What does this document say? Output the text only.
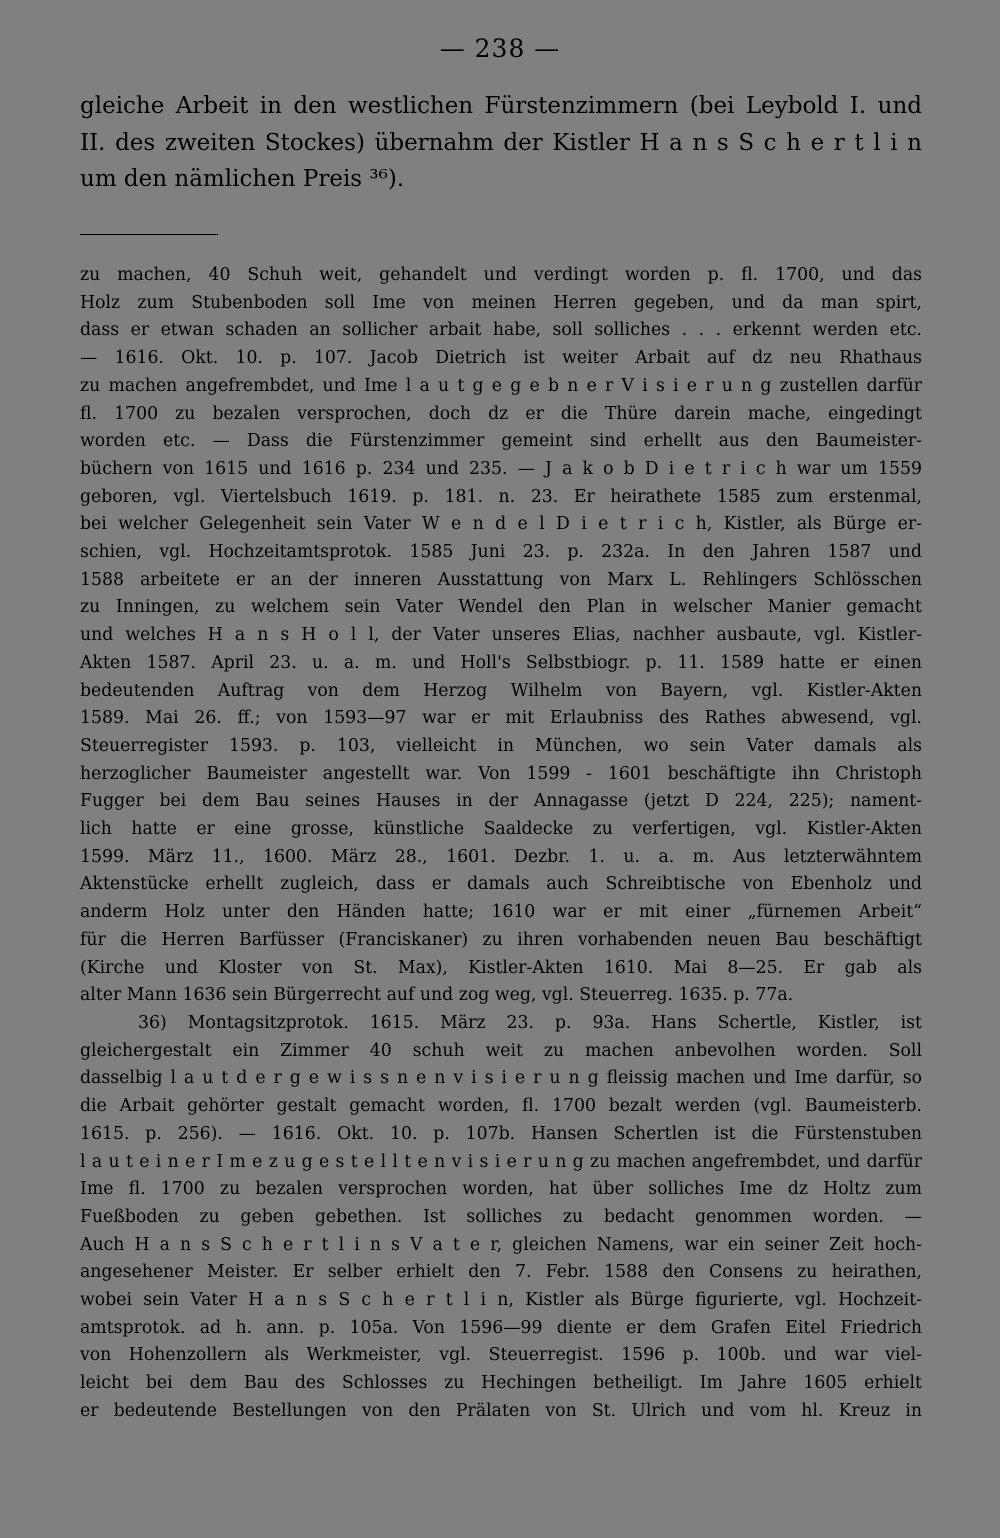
— 238 —
gleiche Arbeit in den westlichen Fürstenzimmern (bei Leybold I. und
II. des zweiten Stockes) übernahm der Kistler H a n s S c h e r t l i n
um den nämlichen Preis ³⁶).
zu machen, 40 Schuh weit, gehandelt und verdingt worden p. fl. 1700, und das
Holz zum Stubenboden soll Ime von meinen Herren gegeben, und da man spirt,
dass er etwan schaden an sollicher arbait habe, soll solliches . . . erkennt werden etc.
— 1616. Okt. 10. p. 107. Jacob Dietrich ist weiter Arbait auf dz neu Rhathaus
zu machen angefrembdet, und Ime l a u t g e g e b n e r V i s i e r u n g zustellen darfür
fl. 1700 zu bezalen versprochen, doch dz er die Thüre darein mache, eingedingt
worden etc. — Dass die Fürstenzimmer gemeint sind erhellt aus den Baumeister-
büchern von 1615 und 1616 p. 234 und 235. — J a k o b D i e t r i c h war um 1559
geboren, vgl. Viertelsbuch 1619. p. 181. n. 23. Er heirathete 1585 zum erstenmal,
bei welcher Gelegenheit sein Vater W e n d e l D i e t r i c h, Kistler, als Bürge er-
schien, vgl. Hochzeitamtsprotok. 1585 Juni 23. p. 232a. In den Jahren 1587 und
1588 arbeitete er an der inneren Ausstattung von Marx L. Rehlingers Schlösschen
zu Inningen, zu welchem sein Vater Wendel den Plan in welscher Manier gemacht
und welches H a n s H o l l, der Vater unseres Elias, nachher ausbaute, vgl. Kistler-
Akten 1587. April 23. u. a. m. und Holl's Selbstbiogr. p. 11. 1589 hatte er einen
bedeutenden Auftrag von dem Herzog Wilhelm von Bayern, vgl. Kistler-Akten
1589. Mai 26. ff.; von 1593—97 war er mit Erlaubniss des Rathes abwesend, vgl.
Steuerregister 1593. p. 103, vielleicht in München, wo sein Vater damals als
herzoglicher Baumeister angestellt war. Von 1599 - 1601 beschäftigte ihn Christoph
Fugger bei dem Bau seines Hauses in der Annagasse (jetzt D 224, 225); nament-
lich hatte er eine grosse, künstliche Saaldecke zu verfertigen, vgl. Kistler-Akten
1599. März 11., 1600. März 28., 1601. Dezbr. 1. u. a. m. Aus letzterwähntem
Aktenstücke erhellt zugleich, dass er damals auch Schreibtische von Ebenholz und
anderm Holz unter den Händen hatte; 1610 war er mit einer „fürnemen Arbeit“
für die Herren Barfüsser (Franciskaner) zu ihren vorhabenden neuen Bau beschäftigt
(Kirche und Kloster von St. Max), Kistler-Akten 1610. Mai 8—25. Er gab als
alter Mann 1636 sein Bürgerrecht auf und zog weg, vgl. Steuerreg. 1635. p. 77a.
36) Montagsitzprotok. 1615. März 23. p. 93a. Hans Schertle, Kistler, ist
gleichergestalt ein Zimmer 40 schuh weit zu machen anbevolhen worden. Soll
dasselbig l a u t d e r g e w i s s n e n v i s i e r u n g fleissig machen und Ime darfür, so
die Arbait gehörter gestalt gemacht worden, fl. 1700 bezalt werden (vgl. Baumeisterb.
1615. p. 256). — 1616. Okt. 10. p. 107b. Hansen Schertlen ist die Fürstenstuben
l a u t e i n e r I m e z u g e s t e l l t e n v i s i e r u n g zu machen angefrembdet, und darfür
Ime fl. 1700 zu bezalen versprochen worden, hat über solliches Ime dz Holtz zum
Fueßboden zu geben gebethen. Ist solliches zu bedacht genommen worden. —
Auch H a n s S c h e r t l i n s V a t e r, gleichen Namens, war ein seiner Zeit hoch-
angesehener Meister. Er selber erhielt den 7. Febr. 1588 den Consens zu heirathen,
wobei sein Vater H a n s S c h e r t l i n, Kistler als Bürge figurierte, vgl. Hochzeit-
amtsprotok. ad h. ann. p. 105a. Von 1596—99 diente er dem Grafen Eitel Friedrich
von Hohenzollern als Werkmeister, vgl. Steuerregist. 1596 p. 100b. und war viel-
leicht bei dem Bau des Schlosses zu Hechingen betheiligt. Im Jahre 1605 erhielt
er bedeutende Bestellungen von den Prälaten von St. Ulrich und vom hl. Kreuz in
